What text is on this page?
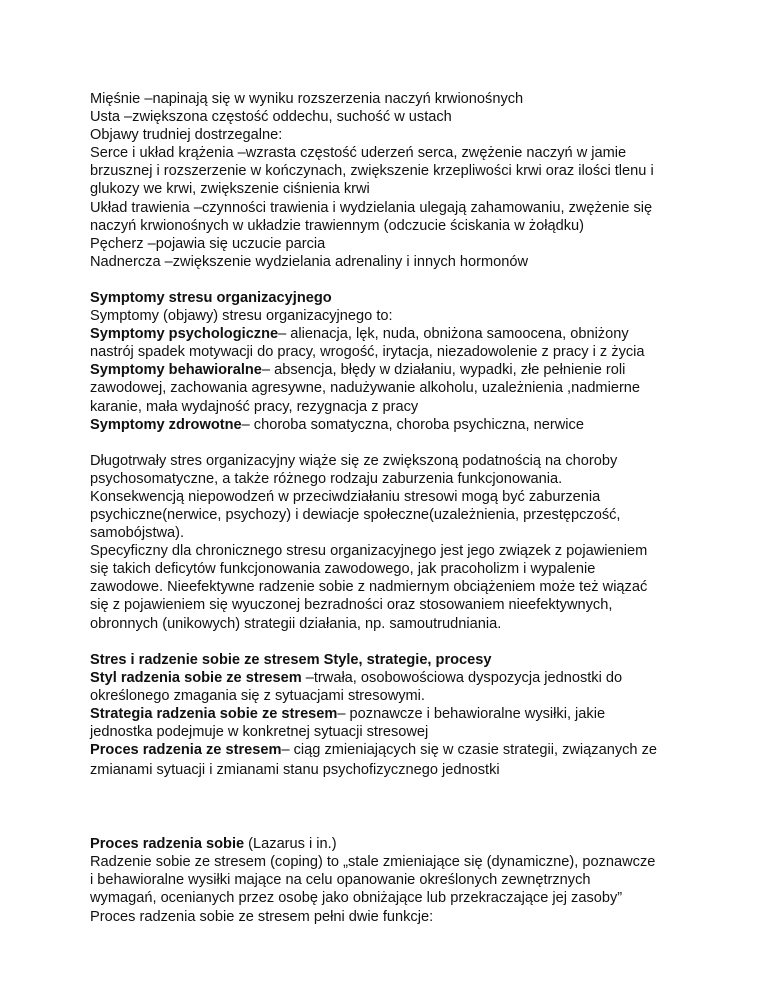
Mięśnie –napinają się w wyniku rozszerzenia naczyń krwionośnych

Usta –zwiększona częstość oddechu, suchość w ustach

Objawy trudniej dostrzegalne:

Serce i układ krążenia –wzrasta częstość uderzeń serca, zwężenie naczyń w jamie

brzusznej i rozszerzenie w kończynach, zwiększenie krzepliwości krwi oraz ilości tlenu i

glukozy we krwi, zwiększenie ciśnienia krwi

Układ trawienia –czynności trawienia i wydzielania ulegają zahamowaniu, zwężenie się

naczyń krwionośnych w układzie trawiennym (odczucie ściskania w żołądku)

Pęcherz –pojawia się uczucie parcia

Nadnercza –zwiększenie wydzielania adrenaliny i innych hormonów

Symptomy stresu organizacyjnego

Symptomy (objawy) stresu organizacyjnego to:

Symptomy psychologiczne– alienacja, lęk, nuda, obniżona samoocena, obniżony

nastrój spadek motywacji do pracy, wrogość, irytacja, niezadowolenie z pracy i z życia

Symptomy behawioralne– absencja, błędy w działaniu, wypadki, złe pełnienie roli

zawodowej, zachowania agresywne, nadużywanie alkoholu, uzależnienia ,nadmierne

karanie, mała wydajność pracy, rezygnacja z pracy

Symptomy zdrowotne– choroba somatyczna, choroba psychiczna, nerwice

Długotrwały stres organizacyjny wiąże się ze zwiększoną podatnością na choroby

psychosomatyczne, a także różnego rodzaju zaburzenia funkcjonowania.

Konsekwencją niepowodzeń w przeciwdziałaniu stresowi mogą być zaburzenia

psychiczne(nerwice, psychozy) i dewiacje społeczne(uzależnienia, przestępczość,

samobójstwa).

Specyficzny dla chronicznego stresu organizacyjnego jest jego związek z pojawieniem

się takich deficytów funkcjonowania zawodowego, jak pracoholizm i wypalenie

zawodowe. Nieefektywne radzenie sobie z nadmiernym obciążeniem może też wiązać

się z pojawieniem się wyuczonej bezradności oraz stosowaniem nieefektywnych,

obronnych (unikowych) strategii działania, np. samoutrudniania.

Stres i radzenie sobie ze stresem Style, strategie, procesy

Styl radzenia sobie ze stresem –trwała, osobowościowa dyspozycja jednostki do

określonego zmagania się z sytuacjami stresowymi.

Strategia radzenia sobie ze stresem– poznawcze i behawioralne wysiłki, jakie

jednostka podejmuje w konkretnej sytuacji stresowej

Proces radzenia ze stresem– ciąg zmieniających się w czasie strategii, związanych ze

zmianami sytuacji i zmianami stanu psychofizycznego jednostki

Proces radzenia sobie (Lazarus i in.)

Radzenie sobie ze stresem (coping) to „stale zmieniające się (dynamiczne), poznawcze

i behawioralne wysiłki mające na celu opanowanie określonych zewnętrznych

wymagań, ocenianych przez osobę jako obniżające lub przekraczające jej zasoby”

Proces radzenia sobie ze stresem pełni dwie funkcje:
